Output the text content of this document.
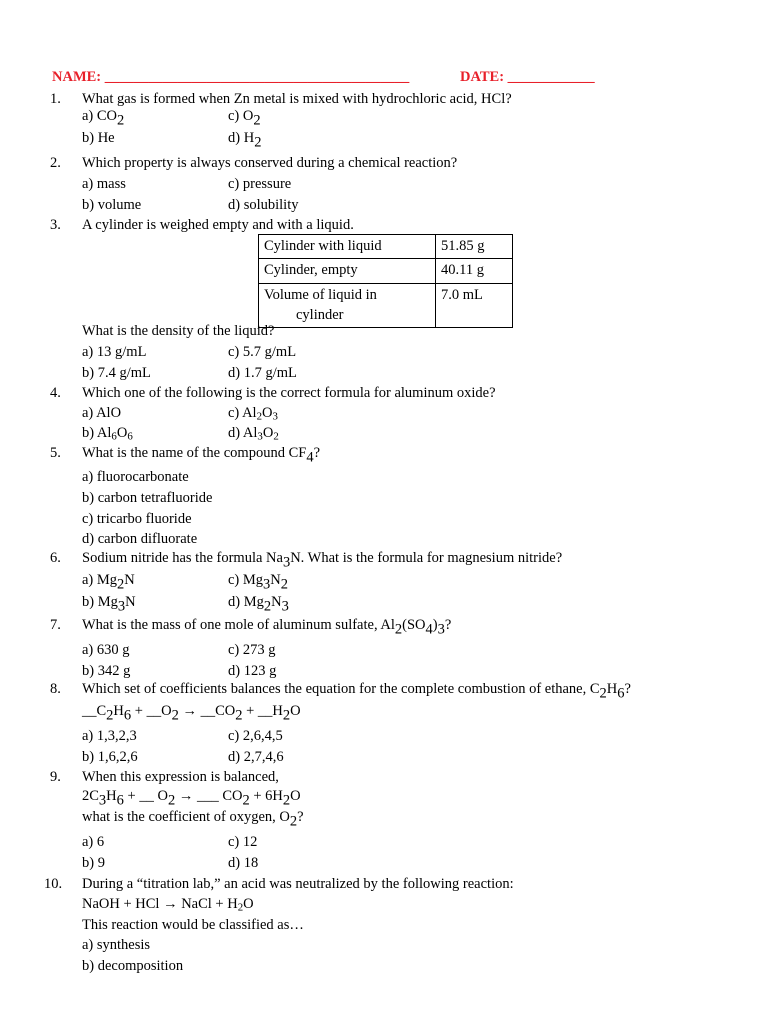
NAME: __________________________________________	DATE: ____________
1. What gas is formed when Zn metal is mixed with hydrochloric acid, HCl?
a) CO2	c) O2
b) He	d) H2
2. Which property is always conserved during a chemical reaction?
a) mass	c) pressure
b) volume	d) solubility
3. A cylinder is weighed empty and with a liquid.
Cylinder with liquid	51.85 g
Cylinder, empty	40.11 g
Volume of liquid in
cylinder	7.0 mL
What is the density of the liquid?
a) 13 g/mL	c) 5.7 g/mL
b) 7.4 g/mL	d) 1.7 g/mL
4. Which one of the following is the correct formula for aluminum oxide?
a) AlO	c) $Al_2O_3$
b) $Al_6O_6$	d) $Al_3O_2$
5. What is the name of the compound CF4?
a) fluorocarbonate
b) carbon tetrafluoride
c) tricarbo fluoride
d) carbon difluorate
6. Sodium nitride has the formula Na3N. What is the formula for magnesium nitride?
a) Mg2N	c) Mg3N2
b) Mg3N	d) Mg2N3
7. What is the mass of one mole of aluminum sulfate, Al2(SO4)3?
a) 630 g	c) 273 g
b) 342 g	d) 123 g
8. Which set of coefficients balances the equation for the complete combustion of ethane, C2H6?
__C2H6 + __O2 → __CO2 + __H2O
a) 1,3,2,3	c) 2,6,4,5
b) 1,6,2,6	d) 2,7,4,6
9. When this expression is balanced,
2C3H6 + __ O2 → ___ CO2 + 6H2O
what is the coefficient of oxygen, O2?
a) 6	c) 12
b) 9	d) 18
10. During a “titration lab,” an acid was neutralized by the following reaction:
NaOH + HCl → NaCl + $H_2O$
This reaction would be classified as…
a) synthesis
b) decomposition
